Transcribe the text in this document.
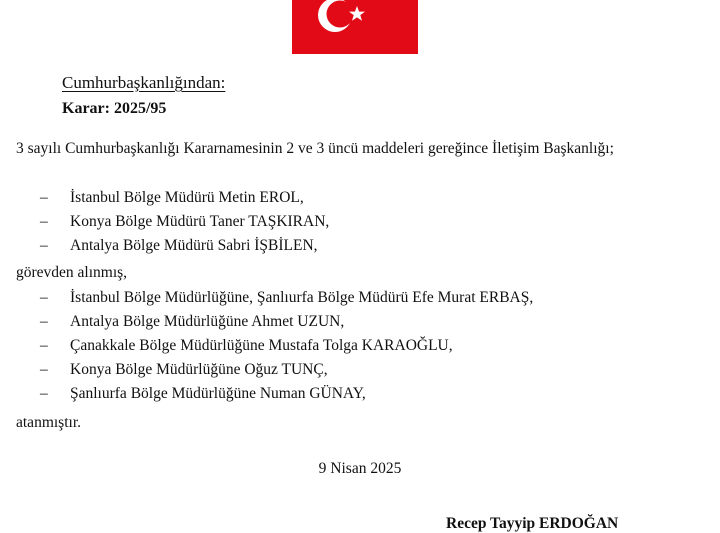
Cumhurbaşkanlığından:
Karar: 2025/95
3 sayılı Cumhurbaşkanlığı Kararnamesinin 2 ve 3 üncü maddeleri gereğince İletişim Başkanlığı;
– İstanbul Bölge Müdürü Metin EROL,
– Konya Bölge Müdürü Taner TAŞKIRAN,
– Antalya Bölge Müdürü Sabri İŞBİLEN,
görevden alınmış,
– İstanbul Bölge Müdürlüğüne, Şanlıurfa Bölge Müdürü Efe Murat ERBAŞ,
– Antalya Bölge Müdürlüğüne Ahmet UZUN,
– Çanakkale Bölge Müdürlüğüne Mustafa Tolga KARAOĞLU,
– Konya Bölge Müdürlüğüne Oğuz TUNÇ,
– Şanlıurfa Bölge Müdürlüğüne Numan GÜNAY,
atanmıştır.
9 Nisan 2025
Recep Tayyip ERDOĞAN
